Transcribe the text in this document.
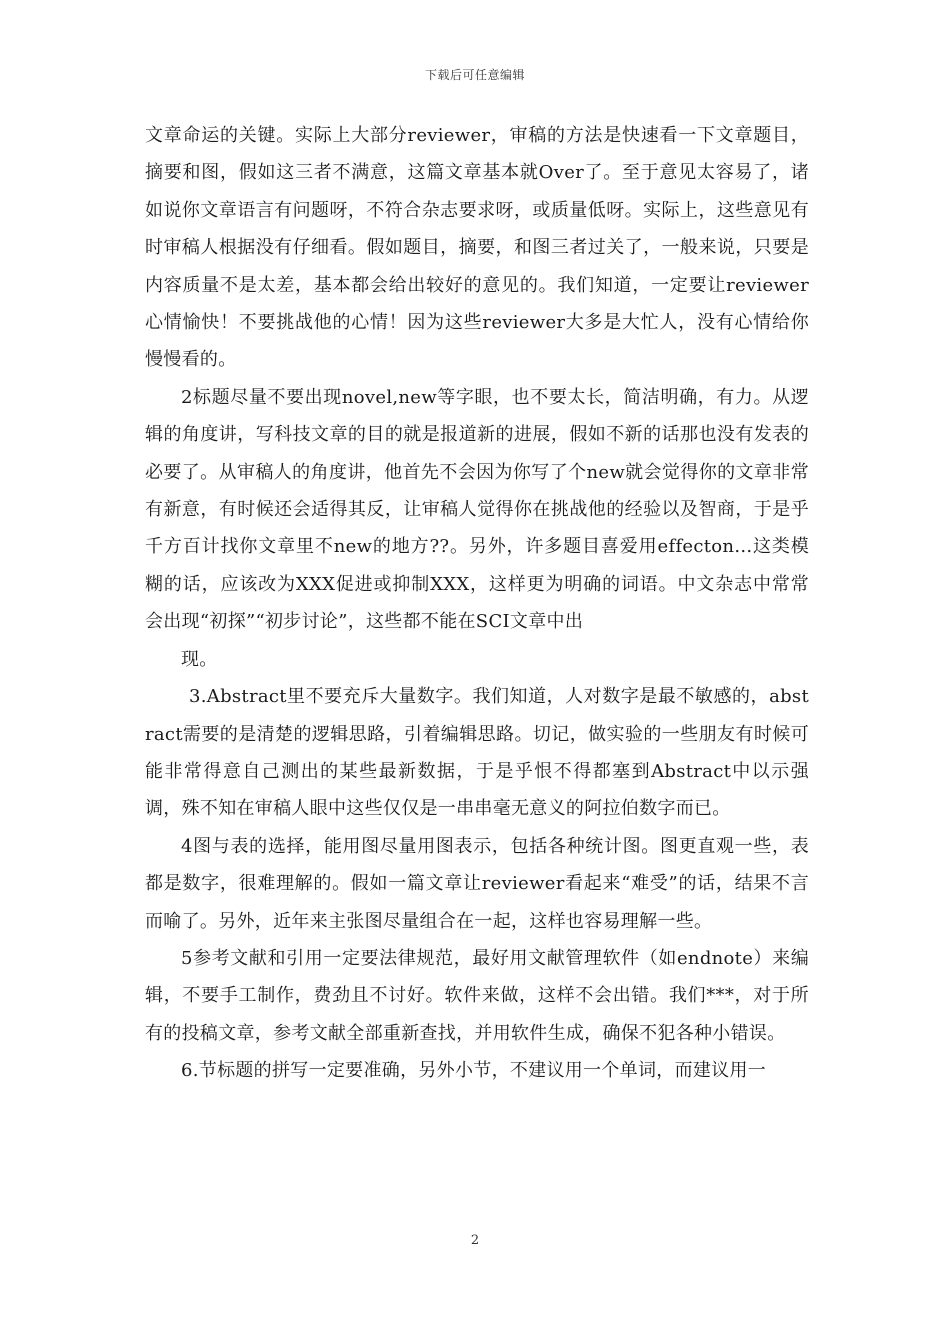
下载后可任意编辑

文章命运的关键。实际上大部分reviewer，审稿的方法是快速看一下文章题目，摘要和图，假如这三者不满意，这篇文章基本就Over了。至于意见太容易了，诸如说你文章语言有问题呀，不符合杂志要求呀，或质量低呀。实际上，这些意见有时审稿人根据没有仔细看。假如题目，摘要，和图三者过关了，一般来说，只要是内容质量不是太差，基本都会给出较好的意见的。我们知道，一定要让reviewer心情愉快！不要挑战他的心情！因为这些reviewer大多是大忙人，没有心情给你慢慢看的。

2标题尽量不要出现novel,new等字眼，也不要太长，简洁明确，有力。从逻辑的角度讲，写科技文章的目的就是报道新的进展，假如不新的话那也没有发表的必要了。从审稿人的角度讲，他首先不会因为你写了个new就会觉得你的文章非常有新意，有时候还会适得其反，让审稿人觉得你在挑战他的经验以及智商，于是乎千方百计找你文章里不new的地方??。另外，许多题目喜爱用effecton...这类模糊的话，应该改为XXX促进或抑制XXX，这样更为明确的词语。中文杂志中常常会出现“初探”“初步讨论”，这些都不能在SCI文章中出

现。

3.Abstract里不要充斥大量数字。我们知道，人对数字是最不敏感的，abstract需要的是清楚的逻辑思路，引着编辑思路。切记，做实验的一些朋友有时候可能非常得意自己测出的某些最新数据，于是乎恨不得都塞到Abstract中以示强调，殊不知在审稿人眼中这些仅仅是一串串毫无意义的阿拉伯数字而已。

4图与表的选择，能用图尽量用图表示，包括各种统计图。图更直观一些，表都是数字，很难理解的。假如一篇文章让reviewer看起来“难受”的话，结果不言而喻了。另外，近年来主张图尽量组合在一起，这样也容易理解一些。

5参考文献和引用一定要法律规范，最好用文献管理软件（如endnote）来编辑，不要手工制作，费劲且不讨好。软件来做，这样不会出错。我们***，对于所有的投稿文章，参考文献全部重新查找，并用软件生成，确保不犯各种小错误。

6.节标题的拼写一定要准确，另外小节，不建议用一个单词，而建议用一

2
